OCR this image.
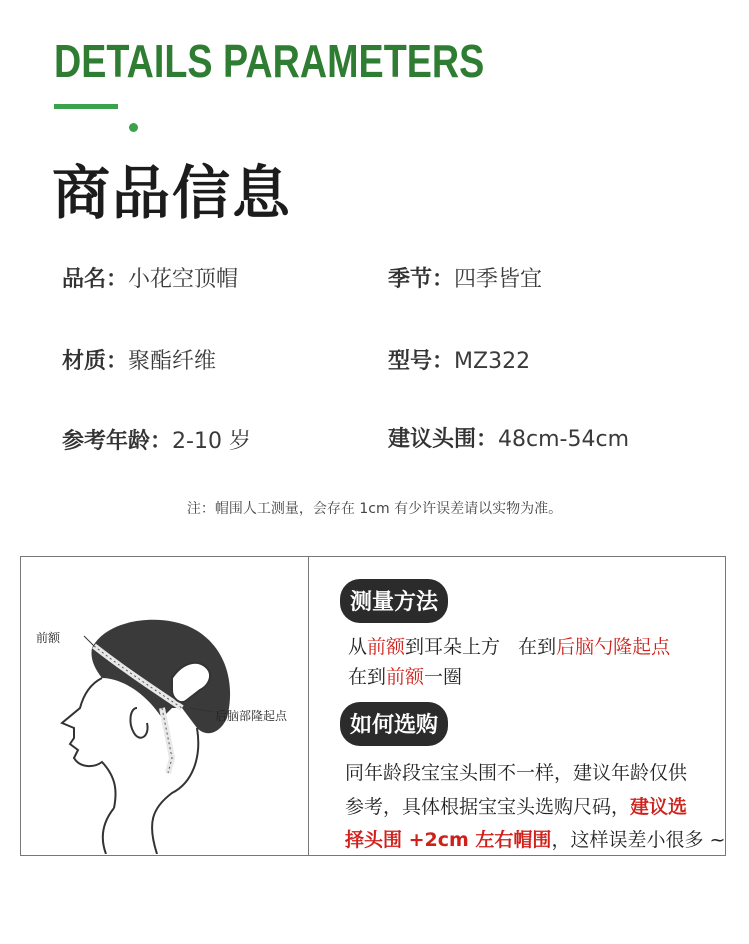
DETAILS PARAMETERS
商品信息
品名：小花空顶帽	季节：四季皆宜
材质：聚酯纤维	型号：MZ322
参考年龄：2-10 岁	建议头围：48cm-54cm
注：帽围人工测量，会存在 1cm 有少许误差请以实物为准。
前额
后脑部隆起点
测量方法
从前额到耳朵上方   在到后脑勺隆起点
在到前额一圈
如何选购
同年龄段宝宝头围不一样，建议年龄仅供
参考，具体根据宝宝头选购尺码，建议选
择头围 +2cm 左右帽围，这样误差小很多 ~
